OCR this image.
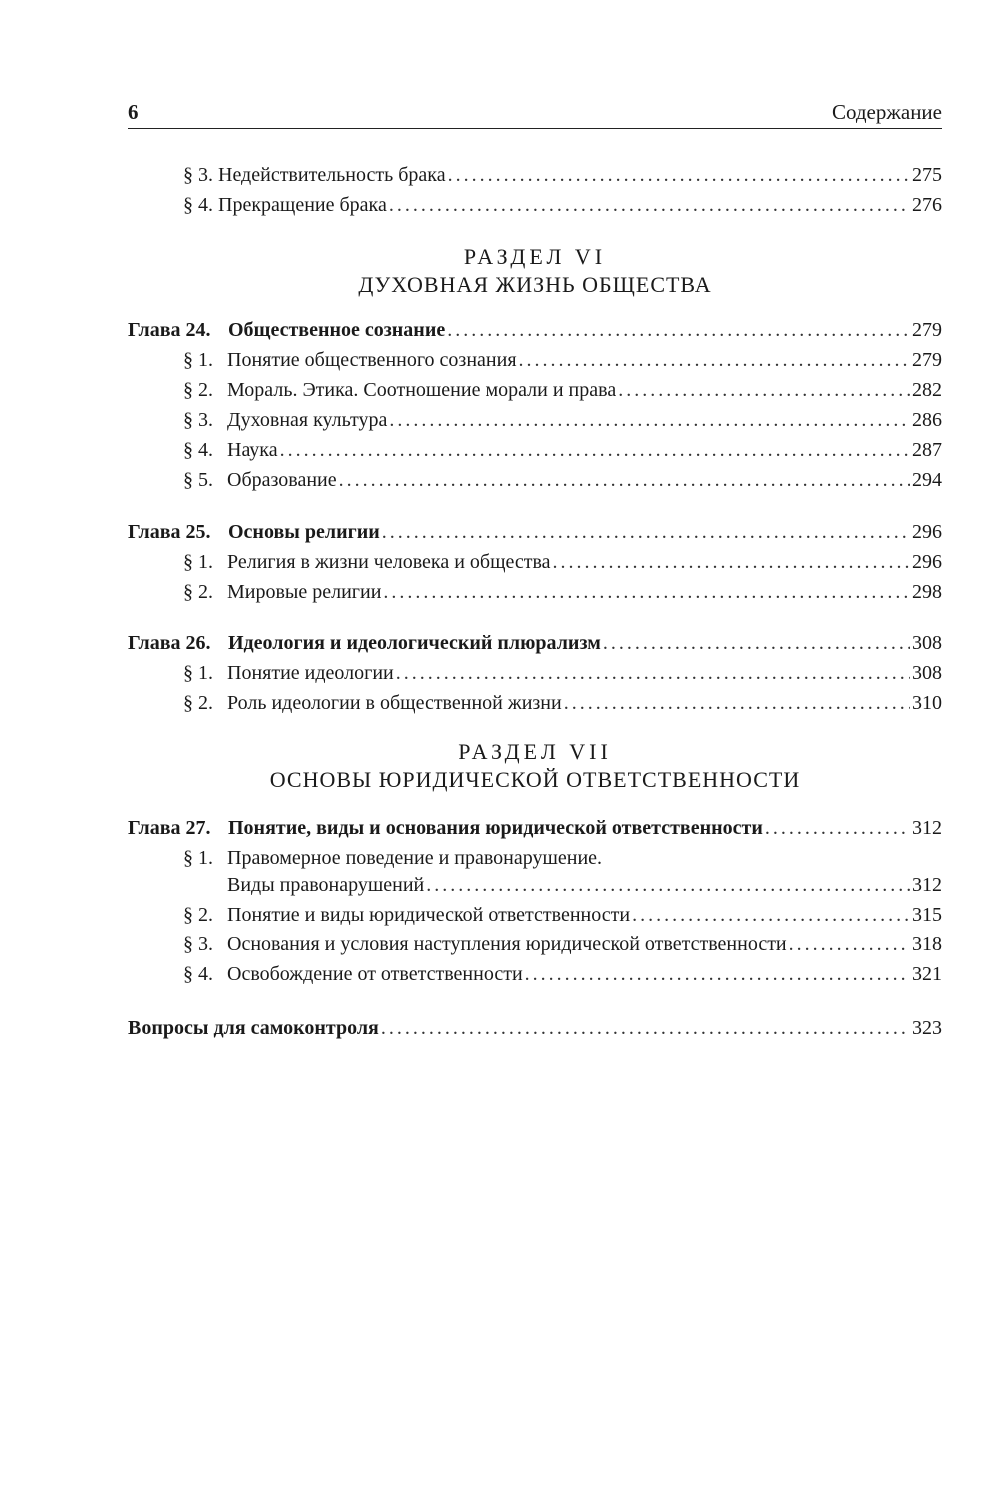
6	Содержание
§ 3. Недействительность брака . . .	275
§ 4. Прекращение брака . . .	276
РАЗДЕЛ VI
ДУХОВНАЯ ЖИЗНЬ ОБЩЕСТВА
Глава 24. Общественное сознание . . .	279
§ 1. Понятие общественного сознания . . .	279
§ 2. Мораль. Этика. Соотношение морали и права . . .	282
§ 3. Духовная культура . . .	286
§ 4. Наука . . .	287
§ 5. Образование . . .	294
Глава 25. Основы религии . . .	296
§ 1. Религия в жизни человека и общества . . .	296
§ 2. Мировые религии . . .	298
Глава 26. Идеология и идеологический плюрализм . . .	308
§ 1. Понятие идеологии . . .	308
§ 2. Роль идеологии в общественной жизни . . .	310
РАЗДЕЛ VII
ОСНОВЫ ЮРИДИЧЕСКОЙ ОТВЕТСТВЕННОСТИ
Глава 27. Понятие, виды и основания юридической ответственности . . .	312
§ 1. Правомерное поведение и правонарушение.
Виды правонарушений . . .	312
§ 2. Понятие и виды юридической ответственности . . .	315
§ 3. Основания и условия наступления юридической ответственности . . .	318
§ 4. Освобождение от ответственности . . .	321
Вопросы для самоконтроля . . .	323
